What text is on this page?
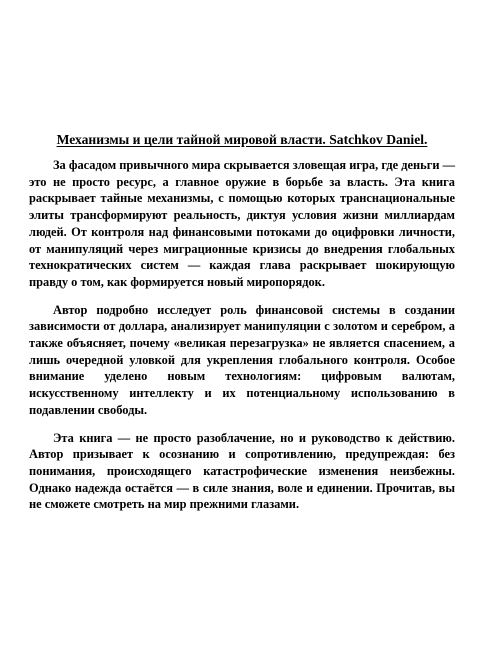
Механизмы и цели тайной мировой власти. Satchkov Daniel.

За фасадом привычного мира скрывается зловещая игра, где деньги — это не просто ресурс, а главное оружие в борьбе за власть. Эта книга раскрывает тайные механизмы, с помощью которых транснациональные элиты трансформируют реальность, диктуя условия жизни миллиардам людей. От контроля над финансовыми потоками до оцифровки личности, от манипуляций через миграционные кризисы до внедрения глобальных технократических систем — каждая глава раскрывает шокирующую правду о том, как формируется новый миропорядок.

Автор подробно исследует роль финансовой системы в создании зависимости от доллара, анализирует манипуляции с золотом и серебром, а также объясняет, почему «великая перезагрузка» не является спасением, а лишь очередной уловкой для укрепления глобального контроля. Особое внимание уделено новым технологиям: цифровым валютам, искусственному интеллекту и их потенциальному использованию в подавлении свободы.

Эта книга — не просто разоблачение, но и руководство к действию. Автор призывает к осознанию и сопротивлению, предупреждая: без понимания, происходящего катастрофические изменения неизбежны. Однако надежда остаётся — в силе знания, воле и единении. Прочитав, вы не сможете смотреть на мир прежними глазами.
